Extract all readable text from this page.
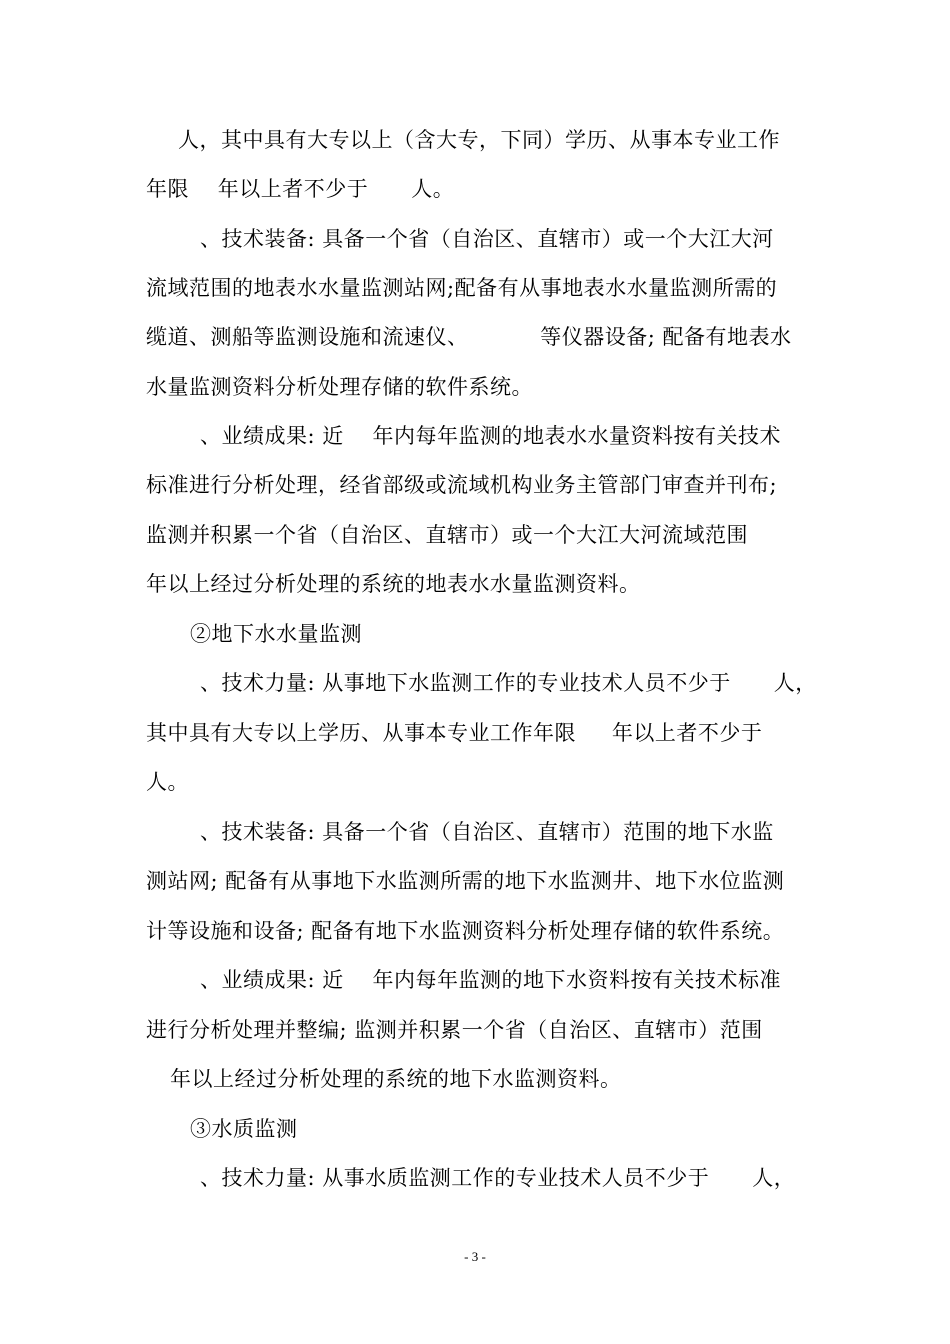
人，其中具有大专以上（含大专，下同）学历、从事本专业工作
年限    年以上者不少于      人。
、技术装备: 具备一个省（自治区、直辖市）或一个大江大河
流域范围的地表水水量监测站网;配备有从事地表水水量监测所需的
缆道、测船等监测设施和流速仪、          等仪器设备; 配备有地表水
水量监测资料分析处理存储的软件系统。
、业绩成果: 近    年内每年监测的地表水水量资料按有关技术
标准进行分析处理，经省部级或流域机构业务主管部门审查并刊布;
监测并积累一个省（自治区、直辖市）或一个大江大河流域范围
年以上经过分析处理的系统的地表水水量监测资料。
②地下水水量监测
、技术力量: 从事地下水监测工作的专业技术人员不少于      人，
其中具有大专以上学历、从事本专业工作年限     年以上者不少于
人。
、技术装备: 具备一个省（自治区、直辖市）范围的地下水监
测站网; 配备有从事地下水监测所需的地下水监测井、地下水位监测
计等设施和设备; 配备有地下水监测资料分析处理存储的软件系统。
、业绩成果: 近    年内每年监测的地下水资料按有关技术标准
进行分析处理并整编; 监测并积累一个省（自治区、直辖市）范围
年以上经过分析处理的系统的地下水监测资料。
③水质监测
、技术力量: 从事水质监测工作的专业技术人员不少于      人，
- 3 -
